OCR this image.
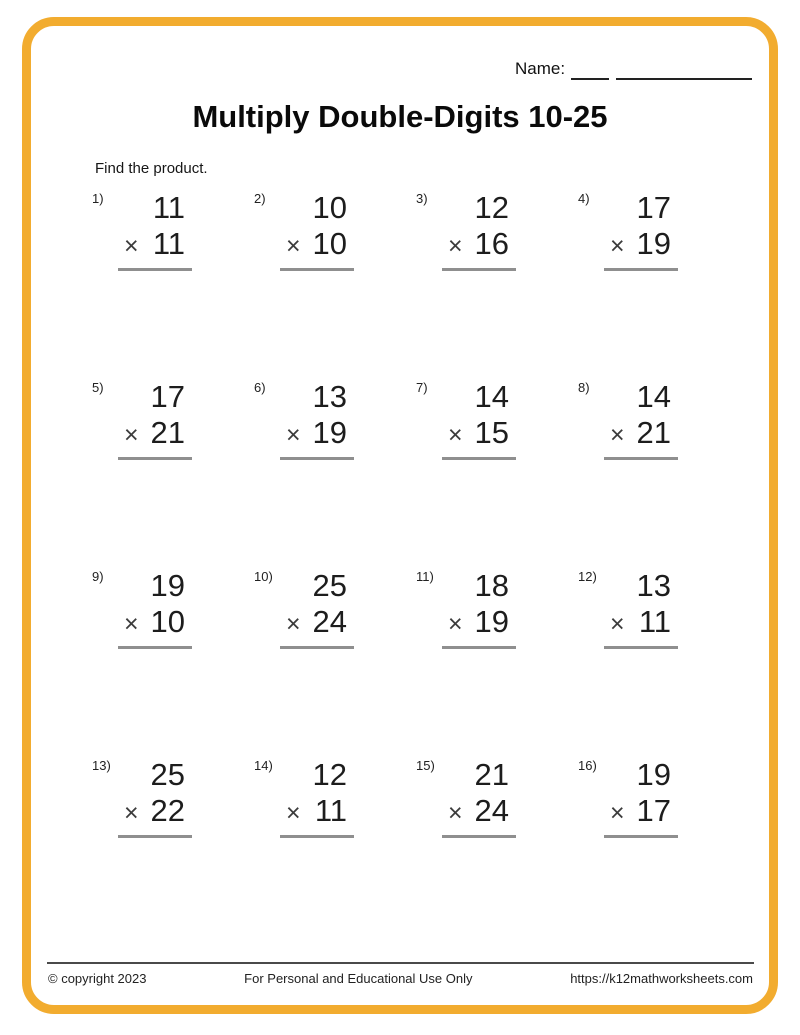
Name:
Multiply Double-Digits 10-25
Find the product.
1)	11
× 11
2)	10
× 10
3)	12
× 16
4)	17
× 19
5)	17
× 21
6)	13
× 19
7)	14
× 15
8)	14
× 21
9)	19
× 10
10)	25
× 24
11)	18
× 19
12)	13
× 11
13)	25
× 22
14)	12
× 11
15)	21
× 24
16)	19
× 17
© copyright 2023	For Personal and Educational Use Only	https://k12mathworksheets.com
